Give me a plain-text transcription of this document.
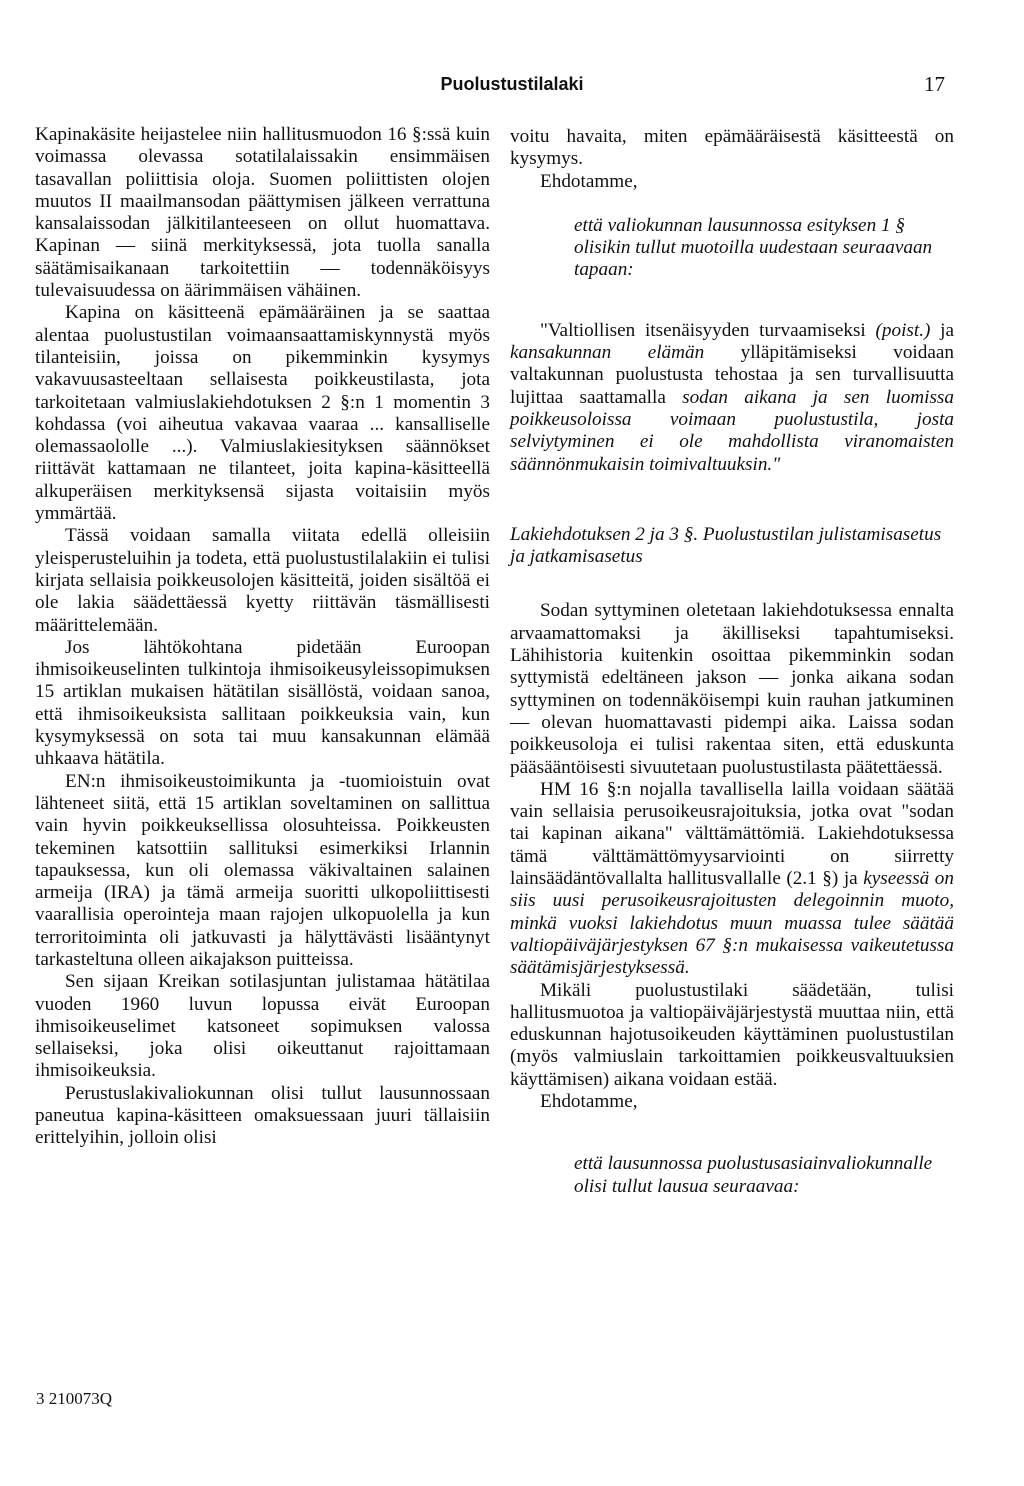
Puolustustilalaki	17

Kapinakäsite heijastelee niin hallitusmuodon 16 §:ssä kuin voimassa olevassa sotatilalaissakin ensimmäisen tasavallan poliittisia oloja. Suomen poliittisten olojen muutos II maailmansodan päättymisen jälkeen verrattuna kansalaissodan jälkitilanteeseen on ollut huomattava. Kapinan — siinä merkityksessä, jota tuolla sanalla säätämisaikanaan tarkoitettiin — todennäköisyys tulevaisuudessa on äärimmäisen vähäinen.

Kapina on käsitteenä epämääräinen ja se saattaa alentaa puolustustilan voimaansaattamiskynnystä myös tilanteisiin, joissa on pikemminkin kysymys vakavuusasteeltaan sellaisesta poikkeustilasta, jota tarkoitetaan valmiuslakiehdotuksen 2 §:n 1 momentin 3 kohdassa (voi aiheutua vakavaa vaaraa ... kansalliselle olemassaololle ...). Valmiuslakiesityksen säännökset riittävät kattamaan ne tilanteet, joita kapina-käsitteellä alkuperäisen merkityksensä sijasta voitaisiin myös ymmärtää.

Tässä voidaan samalla viitata edellä olleisiin yleisperusteluihin ja todeta, että puolustustilalakiin ei tulisi kirjata sellaisia poikkeusolojen käsitteitä, joiden sisältöä ei ole lakia säädettäessä kyetty riittävän täsmällisesti määrittelemään.

Jos lähtökohtana pidetään Euroopan ihmisoikeuselinten tulkintoja ihmisoikeusyleissopimuksen 15 artiklan mukaisen hätätilan sisällöstä, voidaan sanoa, että ihmisoikeuksista sallitaan poikkeuksia vain, kun kysymyksessä on sota tai muu kansakunnan elämää uhkaava hätätila.

EN:n ihmisoikeustoimikunta ja -tuomioistuin ovat lähteneet siitä, että 15 artiklan soveltaminen on sallittua vain hyvin poikkeuksellissa olosuhteissa. Poikkeusten tekeminen katsottiin sallituksi esimerkiksi Irlannin tapauksessa, kun oli olemassa väkivaltainen salainen armeija (IRA) ja tämä armeija suoritti ulkopoliittisesti vaarallisia operointeja maan rajojen ulkopuolella ja kun terroritoiminta oli jatkuvasti ja hälyttävästi lisääntynyt tarkasteltuna olleen aikajakson puitteissa.

Sen sijaan Kreikan sotilasjuntan julistamaa hätätilaa vuoden 1960 luvun lopussa eivät Euroopan ihmisoikeuselimet katsoneet sopimuksen valossa sellaiseksi, joka olisi oikeuttanut rajoittamaan ihmisoikeuksia.

Perustuslakivaliokunnan olisi tullut lausunnossaan paneutua kapina-käsitteen omaksuessaan juuri tällaisiin erittelyihin, jolloin olisi

voitu havaita, miten epämääräisestä käsitteestä on kysymys.

Ehdotamme,

että valiokunnan lausunnossa esityksen 1 § olisikin tullut muotoilla uudestaan seuraavaan tapaan:

"Valtiollisen itsenäisyyden turvaamiseksi (poist.) ja kansakunnan elämän ylläpitämiseksi voidaan valtakunnan puolustusta tehostaa ja sen turvallisuutta lujittaa saattamalla sodan aikana ja sen luomissa poikkeusoloissa voimaan puolustustila, josta selviytyminen ei ole mahdollista viranomaisten säännönmukaisin toimivaltuuksin."

Lakiehdotuksen 2 ja 3 §. Puolustustilan julistamisasetus ja jatkamisasetus

Sodan syttyminen oletetaan lakiehdotuksessa ennalta arvaamattomaksi ja äkilliseksi tapahtumiseksi. Lähihistoria kuitenkin osoittaa pikemminkin sodan syttymistä edeltäneen jakson — jonka aikana sodan syttyminen on todennäköisempi kuin rauhan jatkuminen — olevan huomattavasti pidempi aika. Laissa sodan poikkeusoloja ei tulisi rakentaa siten, että eduskunta pääsääntöisesti sivuutetaan puolustustilasta päätettäessä.

HM 16 §:n nojalla tavallisella lailla voidaan säätää vain sellaisia perusoikeusrajoituksia, jotka ovat "sodan tai kapinan aikana" välttämättömiä. Lakiehdotuksessa tämä välttämättömyysarviointi on siirretty lainsäädäntövallalta hallitusvallalle (2.1 §) ja kyseessä on siis uusi perusoikeusrajoitusten delegoinnin muoto, minkä vuoksi lakiehdotus muun muassa tulee säätää valtiopäiväjärjestyksen 67 §:n mukaisessa vaikeutetussa säätämisjärjestyksessä.

Mikäli puolustustilaki säädetään, tulisi hallitusmuotoa ja valtiopäiväjärjestystä muuttaa niin, että eduskunnan hajotusoikeuden käyttäminen puolustustilan (myös valmiuslain tarkoittamien poikkeusvaltuuksien käyttämisen) aikana voidaan estää.

Ehdotamme,

että lausunnossa puolustusasiainvaliokunnalle olisi tullut lausua seuraavaa:

3 210073Q
